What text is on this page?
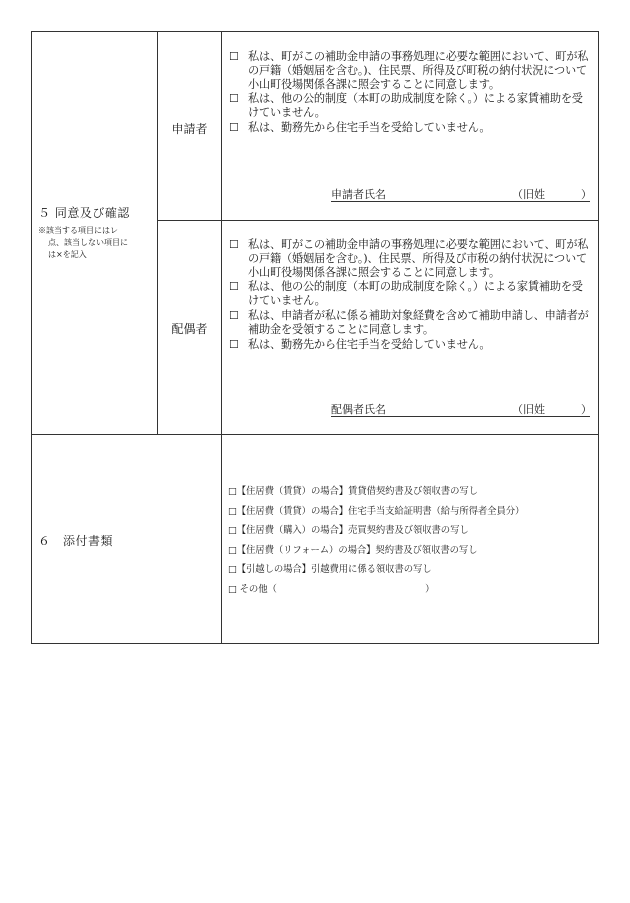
５ 同意及び確認
※該当する項目にはレ
点、該当しない項目に
は×を記入
申請者
☐ 私は、町がこの補助金申請の事務処理に必要な範囲において、町が私の戸籍（婚姻届を含む。)、住民票、所得及び町税の納付状況について小山町役場関係各課に照会することに同意します。
☐ 私は、他の公的制度（本町の助成制度を除く。）による家賃補助を受けていません。
☐ 私は、勤務先から住宅手当を受給していません。
申請者氏名	（旧姓	）
配偶者
☐ 私は、町がこの補助金申請の事務処理に必要な範囲において、町が私の戸籍（婚姻届を含む。)、住民票、所得及び市税の納付状況について小山町役場関係各課に照会することに同意します。
☐ 私は、他の公的制度（本町の助成制度を除く。）による家賃補助を受けていません。
☐ 私は、申請者が私に係る補助対象経費を含めて補助申請し、申請者が補助金を受領することに同意します。
☐ 私は、勤務先から住宅手当を受給していません。
配偶者氏名	（旧姓	）
６　添付書類
□【住居費（賃貸）の場合】賃貸借契約書及び領収書の写し
□【住居費（賃貸）の場合】住宅手当支給証明書（給与所得者全員分）
□【住居費（購入）の場合】売買契約書及び領収書の写し
□【住居費（リフォーム）の場合】契約書及び領収書の写し
□【引越しの場合】引越費用に係る領収書の写し
□ その他（　　　　　　　　　　　　　　　　）
